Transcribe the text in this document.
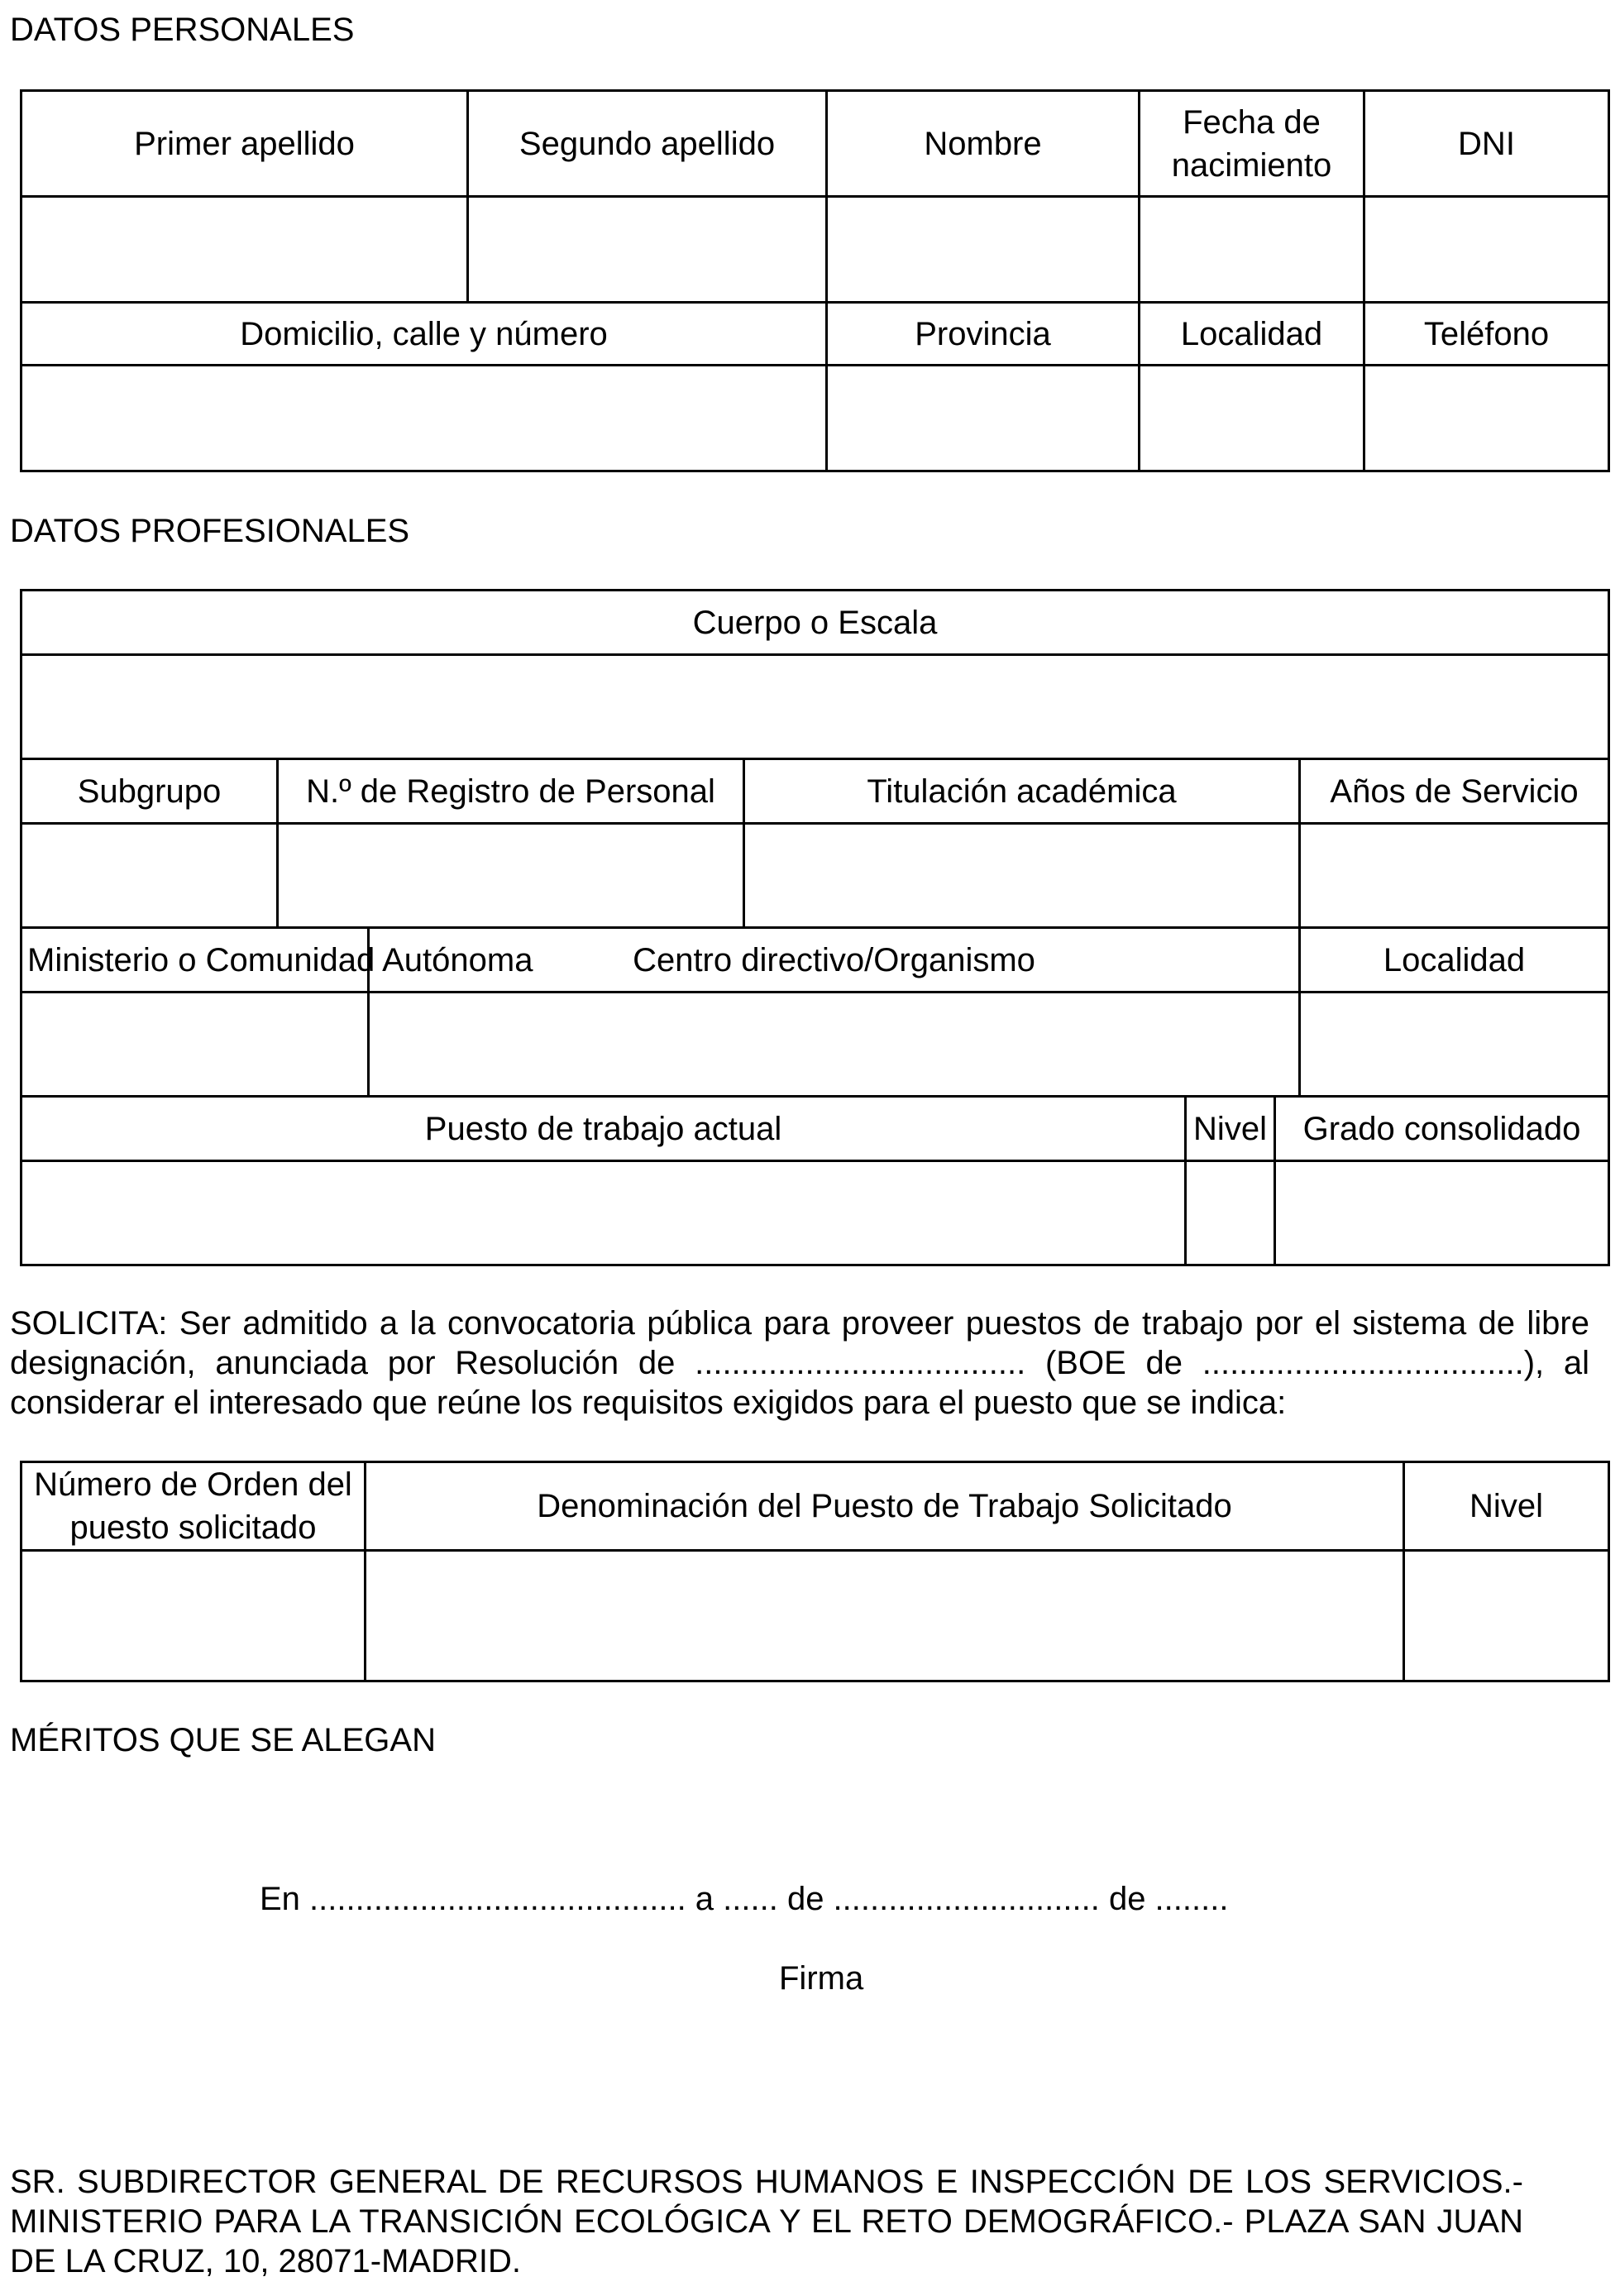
DATOS PERSONALES
Primer apellido	Segundo apellido	Nombre	Fecha de nacimiento	DNI

Domicilio, calle y número		Provincia	Localidad	Teléfono

DATOS PROFESIONALES
Cuerpo o Escala						

Subgrupo	N.º de Registro de Personal		Titulación académica			Años de Servicio

Ministerio o Comunidad Autónoma		Centro directivo/Organismo				Localidad

Puesto de trabajo actual				Nivel	Grado consolidado	

SOLICITA: Ser admitido a la convocatoria pública para proveer puestos de trabajo por el sistema de libre designación, anunciada por Resolución de .................................... (BOE de ...................................), al considerar el interesado que reúne los requisitos exigidos para el puesto que se indica:
Número de Orden del puesto solicitado	Denominación del Puesto de Trabajo Solicitado	Nivel

MÉRITOS QUE SE ALEGAN
En ......................................... a ...... de ............................. de ........
Firma
SR. SUBDIRECTOR GENERAL DE RECURSOS HUMANOS E INSPECCIÓN DE LOS SERVICIOS.-MINISTERIO PARA LA TRANSICIÓN ECOLÓGICA Y EL RETO DEMOGRÁFICO.- PLAZA SAN JUAN DE LA CRUZ, 10, 28071-MADRID.
